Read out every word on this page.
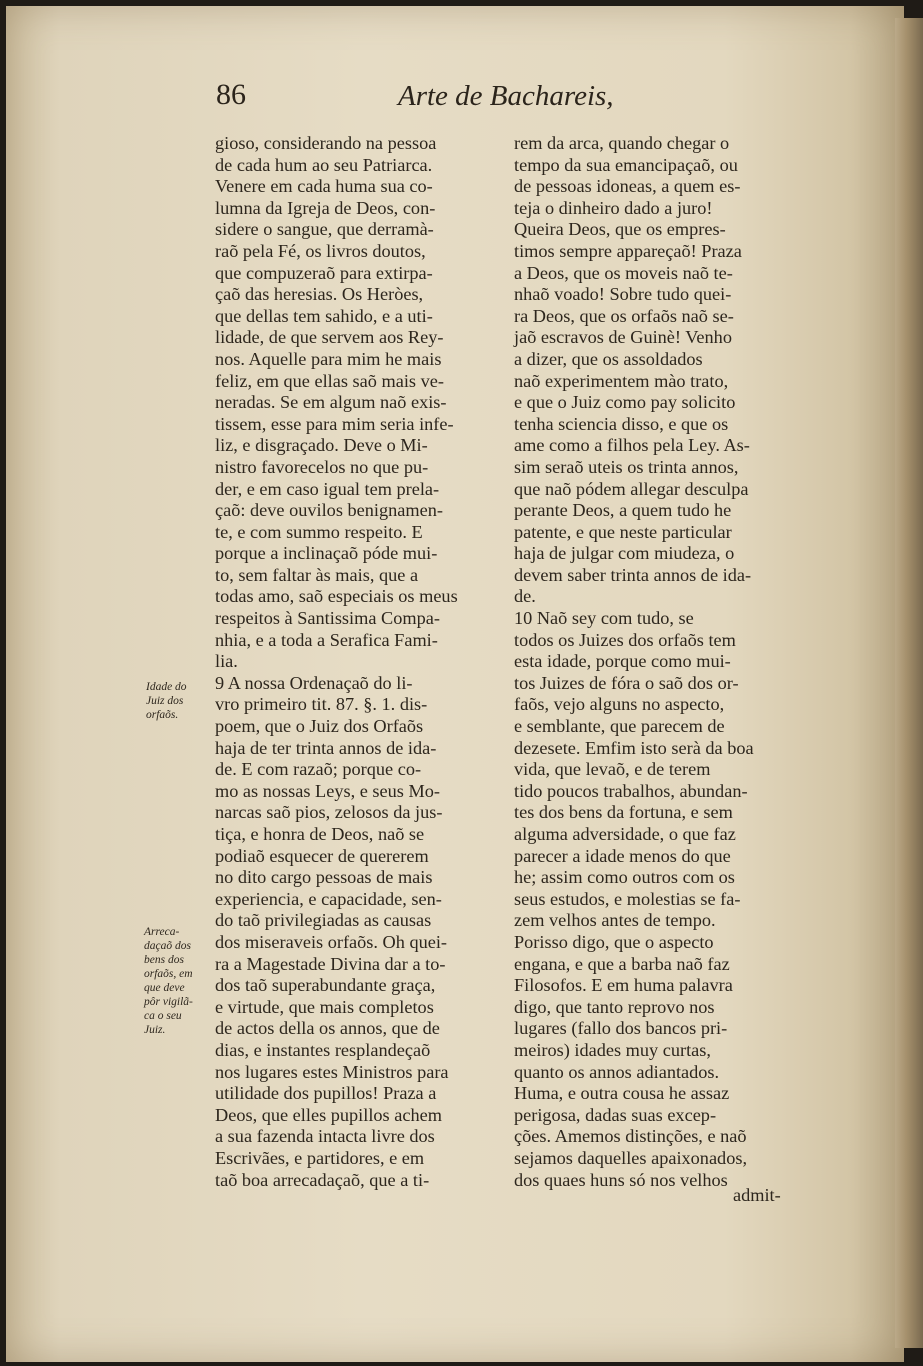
86	Arte de Bachareis,
gioso, considerando na pessoa
de cada hum ao seu Patriarca.
Venere em cada huma sua co-
lumna da Igreja de Deos, con-
sidere o sangue, que derramà-
raõ pela Fé, os livros doutos,
que compuzeraõ para extirpa-
çaõ das heresias. Os Heròes,
que dellas tem sahido, e a uti-
lidade, de que servem aos Rey-
nos. Aquelle para mim he mais
feliz, em que ellas saõ mais ve-
neradas. Se em algum naõ exis-
tissem, esse para mim seria infe-
liz, e disgraçado. Deve o Mi-
nistro favorecelos no que pu-
der, e em caso igual tem prela-
çaõ: deve ouvilos benignamen-
te, e com summo respeito. E
porque a inclinaçaõ póde mui-
to, sem faltar às mais, que a
todas amo, saõ especiais os meus
respeitos à Santissima Compa-
nhia, e a toda a Serafica Fami-
lia.
9 A nossa Ordenaçaõ do li-
vro primeiro tit. 87. §. 1. dis-
poem, que o Juiz dos Orfaõs
haja de ter trinta annos de ida-
de. E com razaõ; porque co-
mo as nossas Leys, e seus Mo-
narcas saõ pios, zelosos da jus-
tiça, e honra de Deos, naõ se
podiaõ esquecer de quererem
no dito cargo pessoas de mais
experiencia, e capacidade, sen-
do taõ privilegiadas as causas
dos miseraveis orfaõs. Oh quei-
ra a Magestade Divina dar a to-
dos taõ superabundante graça,
e virtude, que mais completos
de actos della os annos, que de
dias, e instantes resplandeçaõ
nos lugares estes Ministros para
utilidade dos pupillos! Praza a
Deos, que elles pupillos achem
a sua fazenda intacta livre dos
Escrivães, e partidores, e em
taõ boa arrecadaçaõ, que a ti-
rem da arca, quando chegar o
tempo da sua emancipaçaõ, ou
de pessoas idoneas, a quem es-
teja o dinheiro dado a juro!
Queira Deos, que os empres-
timos sempre appareçaõ! Praza
a Deos, que os moveis naõ te-
nhaõ voado! Sobre tudo quei-
ra Deos, que os orfaõs naõ se-
jaõ escravos de Guinè! Venho
a dizer, que os assoldados
naõ experimentem mào trato,
e que o Juiz como pay solicito
tenha sciencia disso, e que os
ame como a filhos pela Ley. As-
sim seraõ uteis os trinta annos,
que naõ pódem allegar desculpa
perante Deos, a quem tudo he
patente, e que neste particular
haja de julgar com miudeza, o
devem saber trinta annos de ida-
de.
10 Naõ sey com tudo, se
todos os Juizes dos orfaõs tem
esta idade, porque como mui-
tos Juizes de fóra o saõ dos or-
faõs, vejo alguns no aspecto,
e semblante, que parecem de
dezesete. Emfim isto serà da boa
vida, que levaõ, e de terem
tido poucos trabalhos, abundan-
tes dos bens da fortuna, e sem
alguma adversidade, o que faz
parecer a idade menos do que
he; assim como outros com os
seus estudos, e molestias se fa-
zem velhos antes de tempo.
Porisso digo, que o aspecto
engana, e que a barba naõ faz
Filosofos. E em huma palavra
digo, que tanto reprovo nos
lugares (fallo dos bancos pri-
meiros) idades muy curtas,
quanto os annos adiantados.
Huma, e outra cousa he assaz
perigosa, dadas suas excep-
ções. Amemos distinções, e naõ
sejamos daquelles apaixonados,
dos quaes huns só nos velhos
Idade do
Juiz dos
orfaõs.
Arreca-
daçaõ dos
bens dos
orfaõs, em
que deve
pôr vigilã-
ca o seu
Juiz.
admit-
